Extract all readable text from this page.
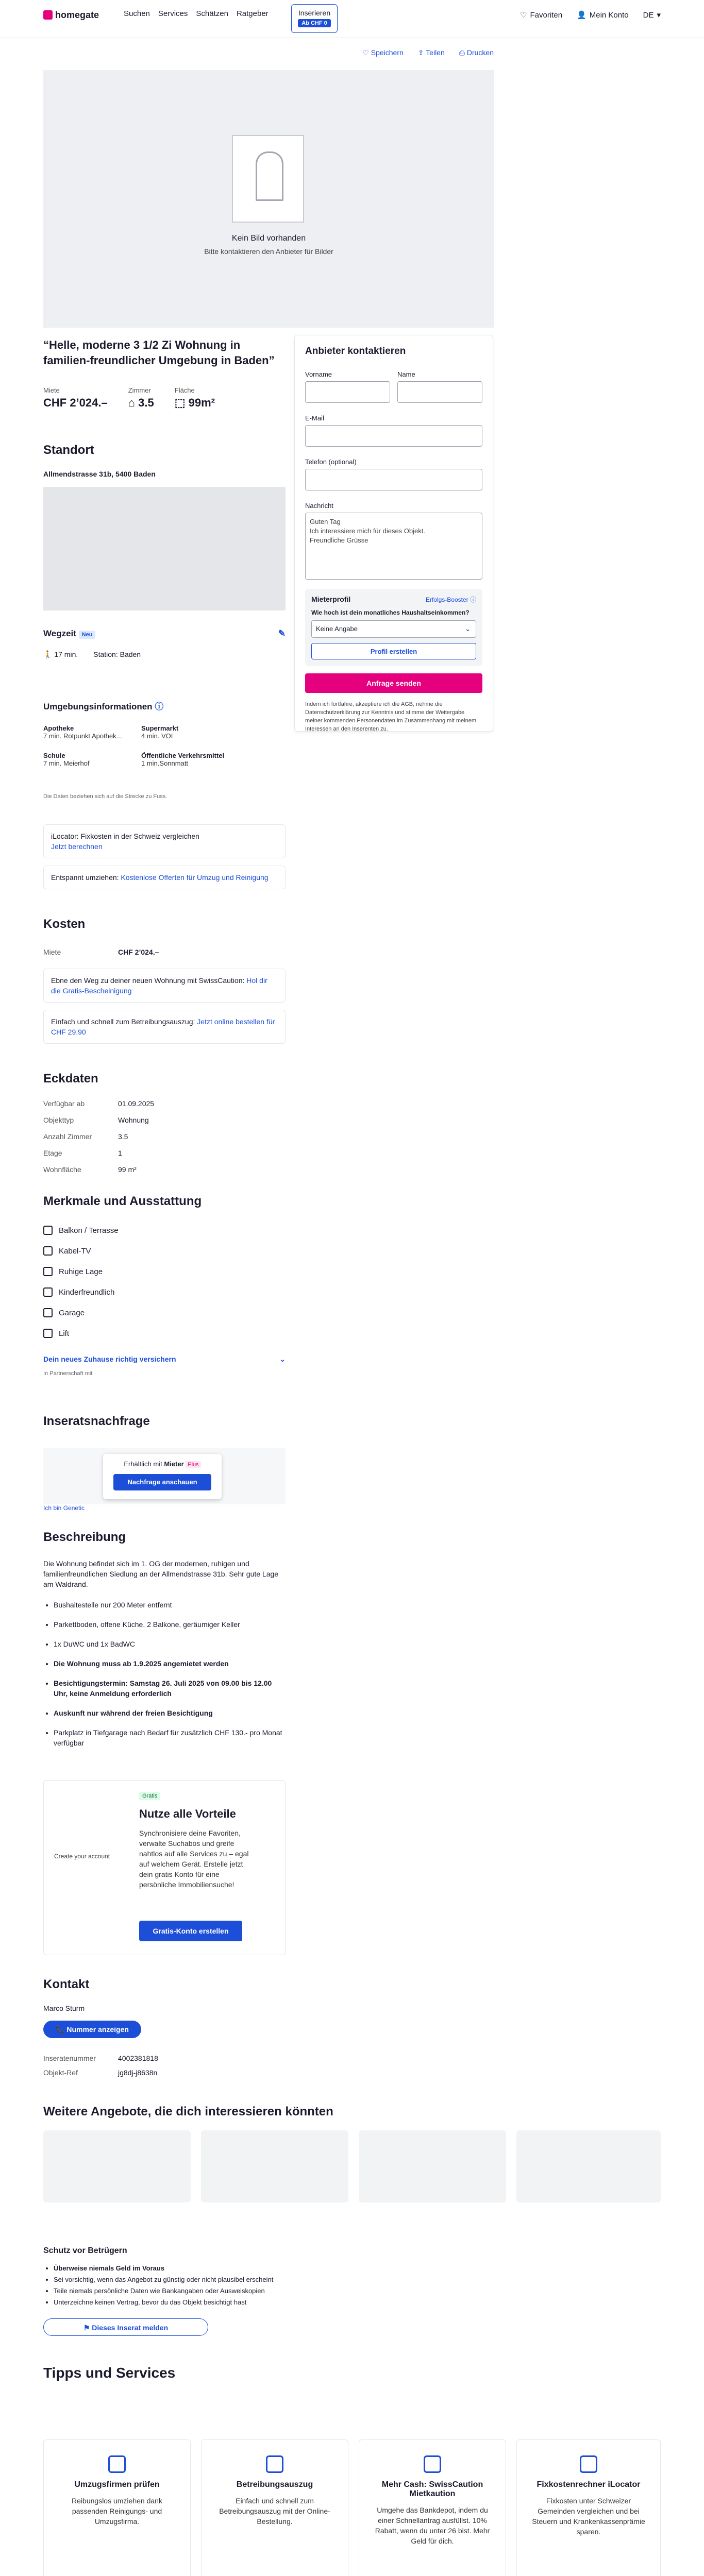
homegate	Suchen Services Schätzen Ratgeber	Inserieren
Ab CHF 0
♡ Favoriten 👤 Mein Konto DE ▾
♡ Speichern ⇪ Teilen ⎙ Drucken
Kein Bild vorhanden
Bitte kontaktieren den Anbieter für Bilder
“Helle, moderne 3 1/2 Zi Wohnung in familien-freundlicher Umgebung in Baden”
Miete
CHF 2’024.–
Zimmer
⌂ 3.5
Fläche
⬚ 99m²
Standort
Allmendstrasse 31b, 5400 Baden
Wegzeit Neu	✎
🚶 17 min. Station: Baden
Umgebungsinformationen ⓘ
Apotheke
7 min. Rotpunkt Apothek...
Supermarkt
4 min. VOI
Schule
7 min. Meierhof
Öffentliche Verkehrsmittel
1 min.Sonnmatt
Die Daten beziehen sich auf die Strecke zu Fuss.
iLocator: Fixkosten in der Schweiz vergleichen
Jetzt berechnen
Entspannt umziehen: Kostenlose Offerten für Umzug und Reinigung
Kosten
Miete	CHF 2’024.–
Ebne den Weg zu deiner neuen Wohnung mit SwissCaution: Hol dir die Gratis-Bescheinigung
Einfach und schnell zum Betreibungsauszug: Jetzt online bestellen für CHF 29.90
Eckdaten
Verfügbar ab	01.09.2025
Objekttyp	Wohnung
Anzahl Zimmer	3.5
Etage	1
Wohnfläche	99 m²
Merkmale und Ausstattung
Balkon / Terrasse
Kabel-TV
Ruhige Lage
Kinderfreundlich
Garage
Lift
Dein neues Zuhause richtig versichern	⌄
In Partnerschaft mit
Inseratsnachfrage
Erhältlich mit Mieter Plus
Nachfrage anschauen
Ich bin Genetic
Beschreibung
Die Wohnung befindet sich im 1. OG der modernen, ruhigen und familienfreundlichen Siedlung an der Allmendstrasse 31b. Sehr gute Lage am Waldrand.
• Bushaltestelle nur 200 Meter entfernt
• Parkettboden, offene Küche, 2 Balkone, geräumiger Keller
• 1x DuWC und 1x BadWC
• Die Wohnung muss ab 1.9.2025 angemietet werden
• Besichtigungstermin: Samstag 26. Juli 2025 von 09.00 bis 12.00 Uhr, keine Anmeldung erforderlich
• Auskunft nur während der freien Besichtigung
• Parkplatz in Tiefgarage nach Bedarf für zusätzlich CHF 130.- pro Monat verfügbar
Create your account
Gratis
Nutze alle Vorteile
Synchronisiere deine Favoriten, verwalte Suchabos und greife nahtlos auf alle Services zu – egal auf welchem Gerät. Erstelle jetzt dein gratis Konto für eine persönliche Immobiliensuche!
Gratis-Konto erstellen
Kontakt
Marco Sturm
📞 Nummer anzeigen
Inseratenummer	4002381818
Objekt-Ref	jg8dj-j8638n
Weitere Angebote, die dich interessieren könnten
Schutz vor Betrügern
• Überweise niemals Geld im Voraus
• Sei vorsichtig, wenn das Angebot zu günstig oder nicht plausibel erscheint
• Teile niemals persönliche Daten wie Bankangaben oder Ausweiskopien
• Unterzeichne keinen Vertrag, bevor du das Objekt besichtigt hast
⚑ Dieses Inserat melden
Tipps und Services
Umzugsfirmen prüfen

Reibungslos umziehen dank passenden Reinigungs- und Umzugsfirma.

Betreibungsauszug

Einfach und schnell zum Betreibungsauszug mit der Online-Bestellung.

Mehr Cash: SwissCaution Mietkaution

Umgehe das Bankdepot, indem du einer Schnellantrag ausfüllst. 10% Rabatt, wenn du unter 26 bist. Mehr Geld für dich.

Fixkostenrechner iLocator

Fixkosten unter Schweizer Gemeinden vergleichen und bei Steuern und Krankenkassenprämie sparen.

Anbieter kontaktieren
Vorname	Name
E-Mail
Telefon (optional)
Nachricht
Guten Tag
Ich interessiere mich für dieses Objekt.
Freundliche Grüsse
Mieterprofil	Erfolgs-Booster ⓘ
Wie hoch ist dein monatliches Haushaltseinkommen?
Keine Angabe	⌄
Profil erstellen
Anfrage senden
Indem ich fortfahre, akzeptiere ich die AGB, nehme die Datenschutzerklärung zur Kenntnis und stimme der Weitergabe meiner kommenden Personendaten im Zusammenhang mit meinem Interessen an den Inserenten zu.
